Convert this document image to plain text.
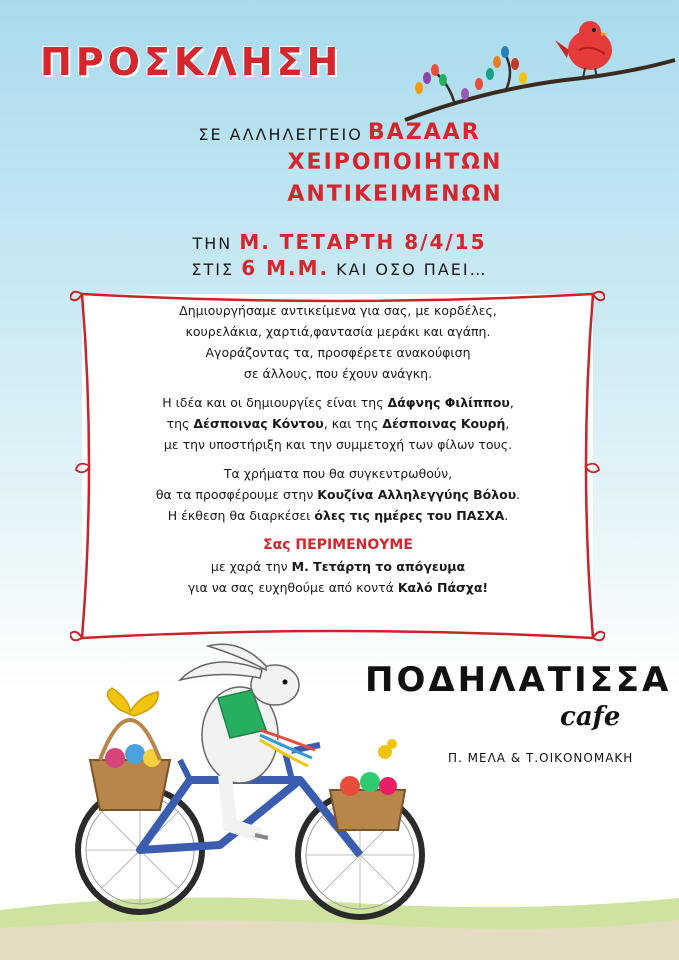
ΠΡΟΣΚΛΗΣΗ
ΣΕ ΑΛΛΗΛΕΓΓΕΙΟ BAZAAR
ΧΕΙΡΟΠΟΙΗΤΩΝ
ΑΝΤΙΚΕΙΜΕΝΩΝ
ΤΗΝ Μ. ΤΕΤΑΡΤΗ 8/4/15
ΣΤΙΣ 6 Μ.Μ. ΚΑΙ ΟΣΟ ΠΑΕΙ…

Δημιουργήσαμε αντικείμενα για σας, με κορδέλες,
κουρελάκια, χαρτιά,φαντασία μεράκι και αγάπη.
Αγοράζοντας τα, προσφέρετε ανακούφιση
σε άλλους, που έχουν ανάγκη.

Η ιδέα και οι δημιουργίες είναι της Δάφνης Φιλίππου,
της Δέσποινας Κόντου, και της Δέσποινας Κουρή,
με την υποστήριξη και την συμμετοχή των φίλων τους.

Τα χρήματα που θα συγκεντρωθούν,
θα τα προσφέρουμε στην Κουζίνα Αλληλεγγύης Βόλου.
Η έκθεση θα διαρκέσει όλες τις ημέρες του ΠΑΣΧΑ.

Σας ΠΕΡΙΜΕΝΟΥΜΕ
με χαρά την Μ. Τετάρτη το απόγευμα
για να σας ευχηθούμε από κοντά Καλό Πάσχα!

ΠΟΔΗΛΑΤΙΣΣΑ
cafe
Π. ΜΕΛΑ & Τ.ΟΙΚΟΝΟΜΑΚΗ
